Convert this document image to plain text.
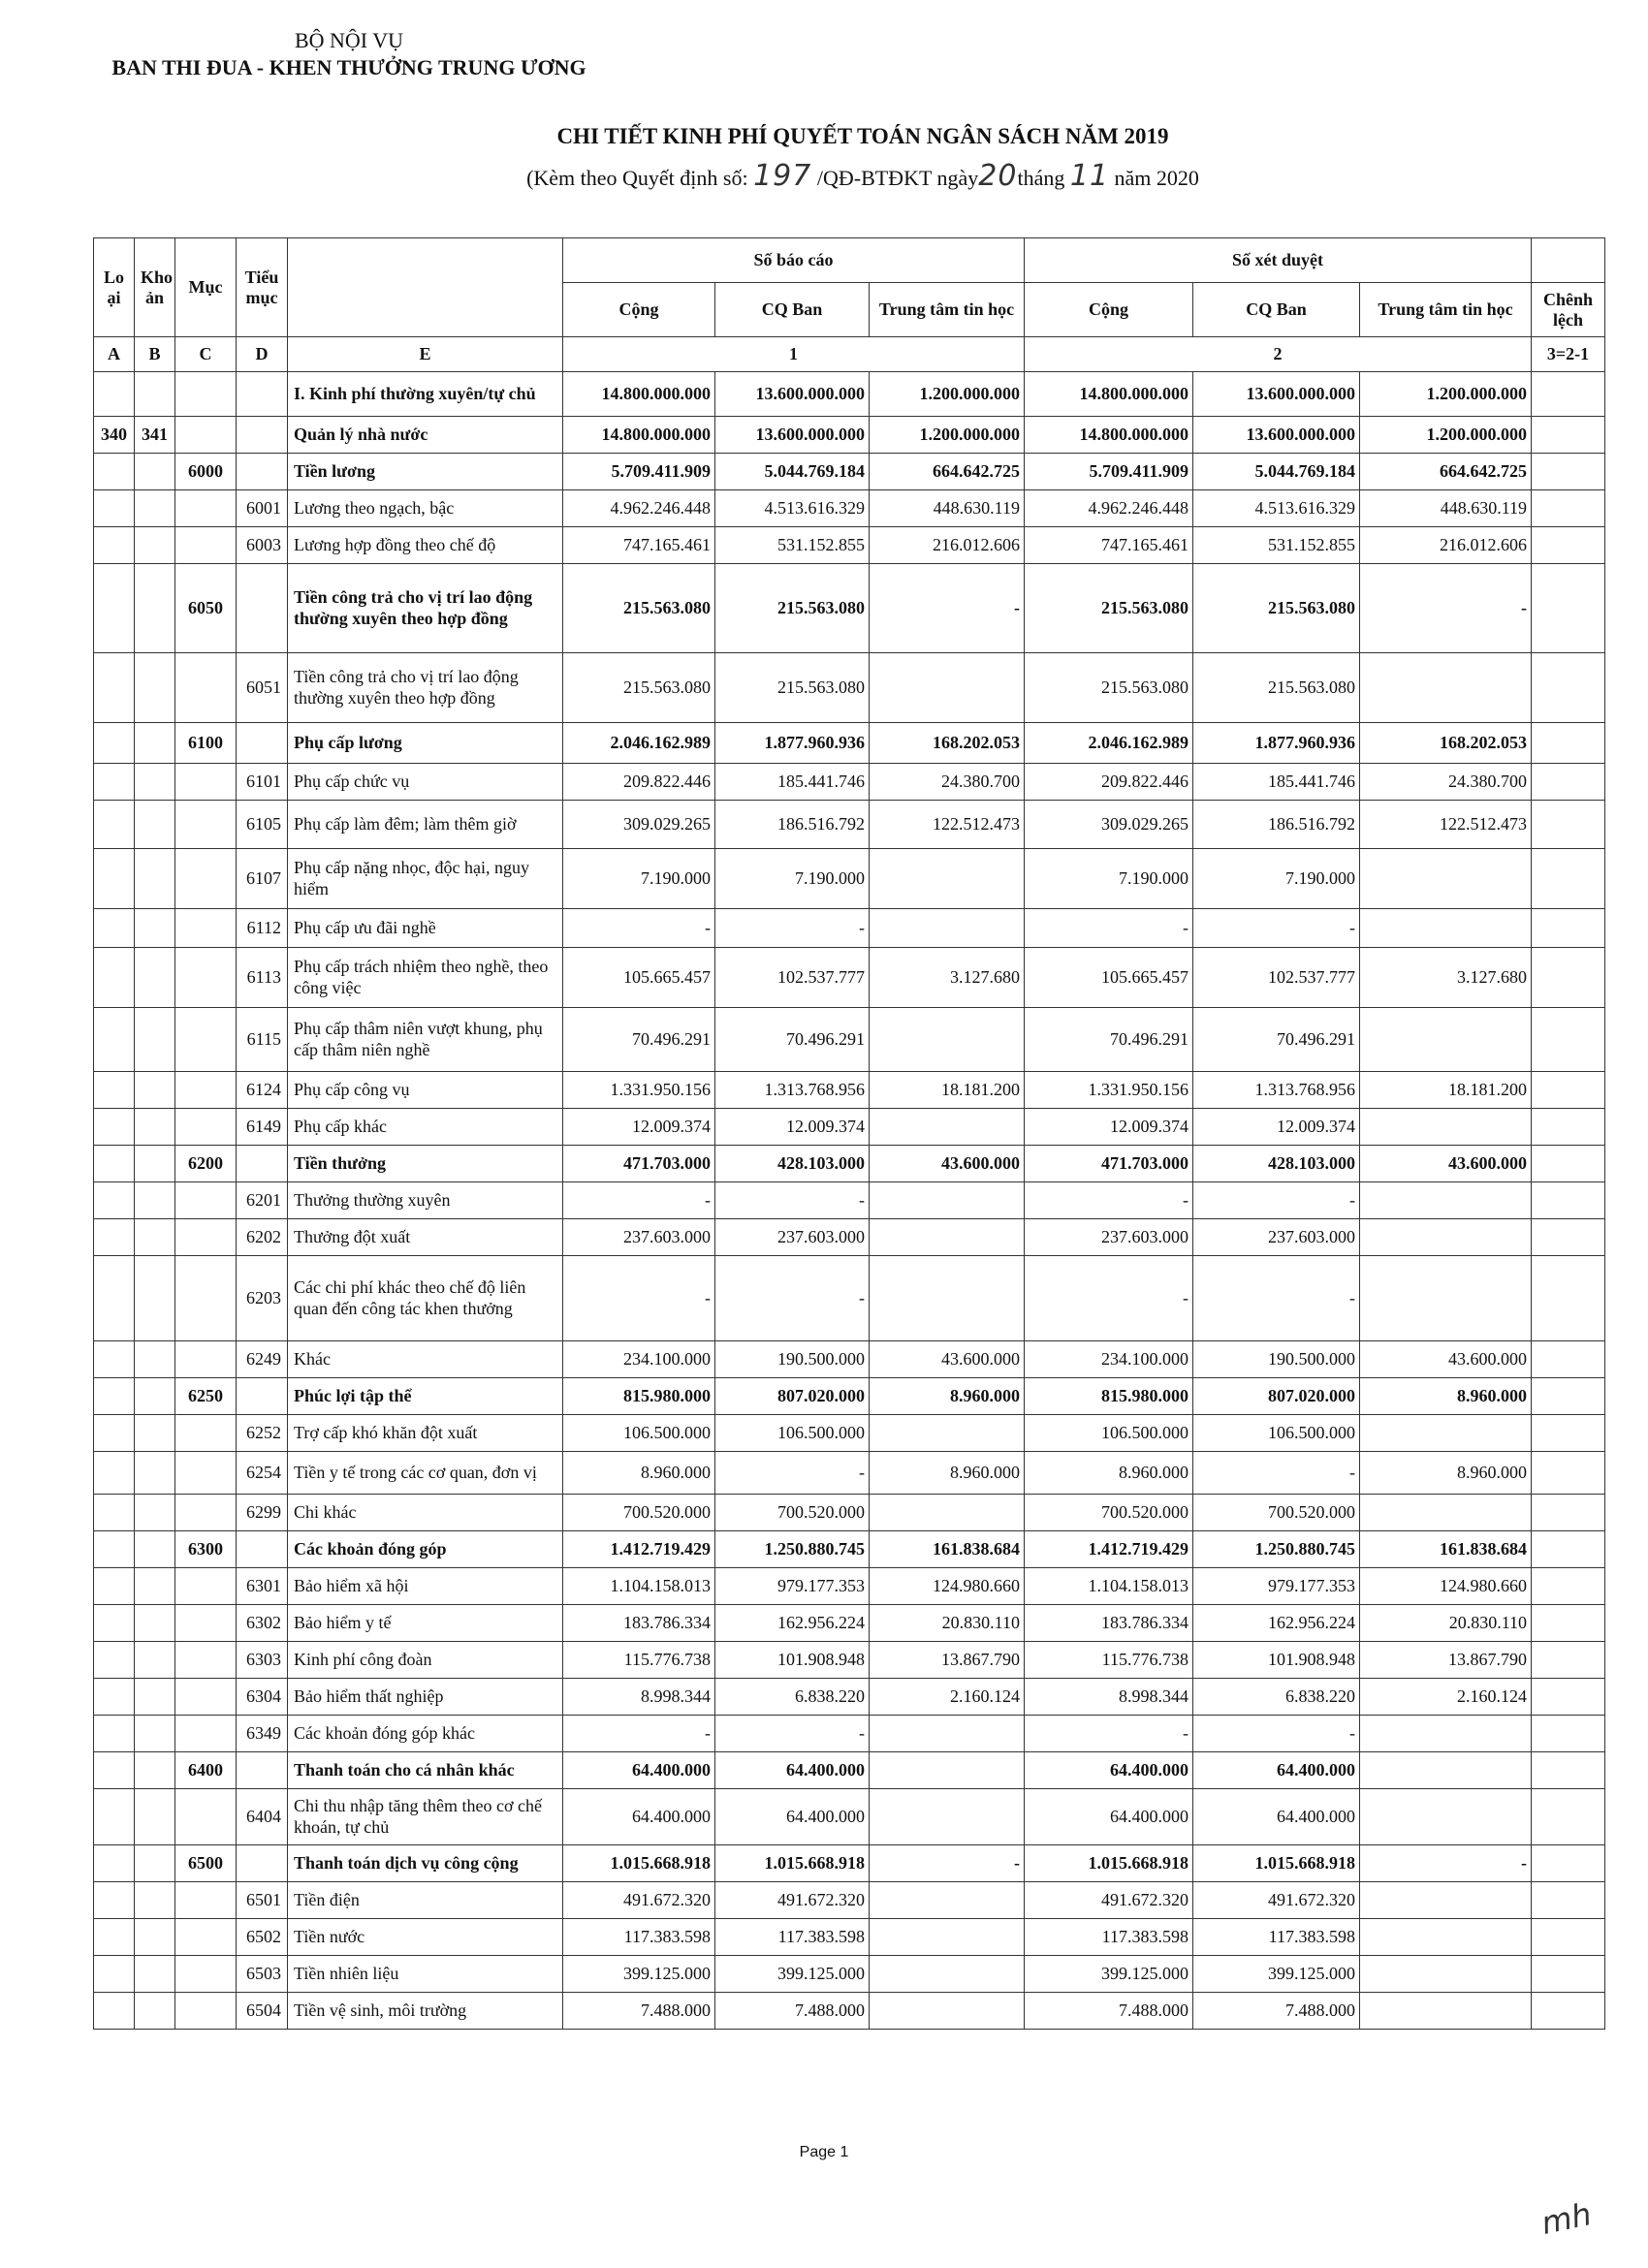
BỘ NỘI VỤ
BAN THI ĐUA - KHEN THƯỞNG TRUNG ƯƠNG
CHI TIẾT KINH PHÍ QUYẾT TOÁN NGÂN SÁCH NĂM 2019
(Kèm theo Quyết định số: 197 /QĐ-BTĐKT ngày20tháng 11 năm 2020
Lo ại	Kho ản	Mục	Tiểu mục		Số báo cáo			Số xét duyệt			
					Cộng	CQ Ban	Trung tâm tin học	Cộng	CQ Ban	Trung tâm tin học	Chênh lệch
A	B	C	D	E	1			2			3=2-1
				I. Kinh phí thường xuyên/tự chủ	14.800.000.000	13.600.000.000	1.200.000.000	14.800.000.000	13.600.000.000	1.200.000.000	
340	341			Quản lý nhà nước	14.800.000.000	13.600.000.000	1.200.000.000	14.800.000.000	13.600.000.000	1.200.000.000	
		6000		Tiền lương	5.709.411.909	5.044.769.184	664.642.725	5.709.411.909	5.044.769.184	664.642.725	
			6001	Lương theo ngạch, bậc	4.962.246.448	4.513.616.329	448.630.119	4.962.246.448	4.513.616.329	448.630.119	
			6003	Lương hợp đồng theo chế độ	747.165.461	531.152.855	216.012.606	747.165.461	531.152.855	216.012.606	
		6050		Tiền công trả cho vị trí lao động thường xuyên theo hợp đồng	215.563.080	215.563.080	-	215.563.080	215.563.080	-	
			6051	Tiền công trả cho vị trí lao động thường xuyên theo hợp đồng	215.563.080	215.563.080		215.563.080	215.563.080		
		6100		Phụ cấp lương	2.046.162.989	1.877.960.936	168.202.053	2.046.162.989	1.877.960.936	168.202.053	
			6101	Phụ cấp chức vụ	209.822.446	185.441.746	24.380.700	209.822.446	185.441.746	24.380.700	
			6105	Phụ cấp làm đêm; làm thêm giờ	309.029.265	186.516.792	122.512.473	309.029.265	186.516.792	122.512.473	
			6107	Phụ cấp nặng nhọc, độc hại, nguy hiểm	7.190.000	7.190.000		7.190.000	7.190.000		
			6112	Phụ cấp ưu đãi nghề	-	-		-	-		
			6113	Phụ cấp trách nhiệm theo nghề, theo công việc	105.665.457	102.537.777	3.127.680	105.665.457	102.537.777	3.127.680	
			6115	Phụ cấp thâm niên vượt khung, phụ cấp thâm niên nghề	70.496.291	70.496.291		70.496.291	70.496.291		
			6124	Phụ cấp công vụ	1.331.950.156	1.313.768.956	18.181.200	1.331.950.156	1.313.768.956	18.181.200	
			6149	Phụ cấp khác	12.009.374	12.009.374		12.009.374	12.009.374		
		6200		Tiền thưởng	471.703.000	428.103.000	43.600.000	471.703.000	428.103.000	43.600.000	
			6201	Thưởng thường xuyên	-	-		-	-		
			6202	Thưởng đột xuất	237.603.000	237.603.000		237.603.000	237.603.000		
			6203	Các chi phí khác theo chế độ liên quan đến công tác khen thưởng	-	-		-	-		
			6249	Khác	234.100.000	190.500.000	43.600.000	234.100.000	190.500.000	43.600.000	
		6250		Phúc lợi tập thể	815.980.000	807.020.000	8.960.000	815.980.000	807.020.000	8.960.000	
			6252	Trợ cấp khó khăn đột xuất	106.500.000	106.500.000		106.500.000	106.500.000		
			6254	Tiền y tế trong các cơ quan, đơn vị	8.960.000	-	8.960.000	8.960.000	-	8.960.000	
			6299	Chi khác	700.520.000	700.520.000		700.520.000	700.520.000		
		6300		Các khoản đóng góp	1.412.719.429	1.250.880.745	161.838.684	1.412.719.429	1.250.880.745	161.838.684	
			6301	Bảo hiểm xã hội	1.104.158.013	979.177.353	124.980.660	1.104.158.013	979.177.353	124.980.660	
			6302	Bảo hiểm y tế	183.786.334	162.956.224	20.830.110	183.786.334	162.956.224	20.830.110	
			6303	Kinh phí công đoàn	115.776.738	101.908.948	13.867.790	115.776.738	101.908.948	13.867.790	
			6304	Bảo hiểm thất nghiệp	8.998.344	6.838.220	2.160.124	8.998.344	6.838.220	2.160.124	
			6349	Các khoản đóng góp khác	-	-		-	-		
		6400		Thanh toán cho cá nhân khác	64.400.000	64.400.000		64.400.000	64.400.000		
			6404	Chi thu nhập tăng thêm theo cơ chế khoán, tự chủ	64.400.000	64.400.000		64.400.000	64.400.000		
		6500		Thanh toán dịch vụ công cộng	1.015.668.918	1.015.668.918	-	1.015.668.918	1.015.668.918	-	
			6501	Tiền điện	491.672.320	491.672.320		491.672.320	491.672.320		
			6502	Tiền nước	117.383.598	117.383.598		117.383.598	117.383.598		
			6503	Tiền nhiên liệu	399.125.000	399.125.000		399.125.000	399.125.000		
			6504	Tiền vệ sinh, môi trường	7.488.000	7.488.000		7.488.000	7.488.000		
Page 1
mh
